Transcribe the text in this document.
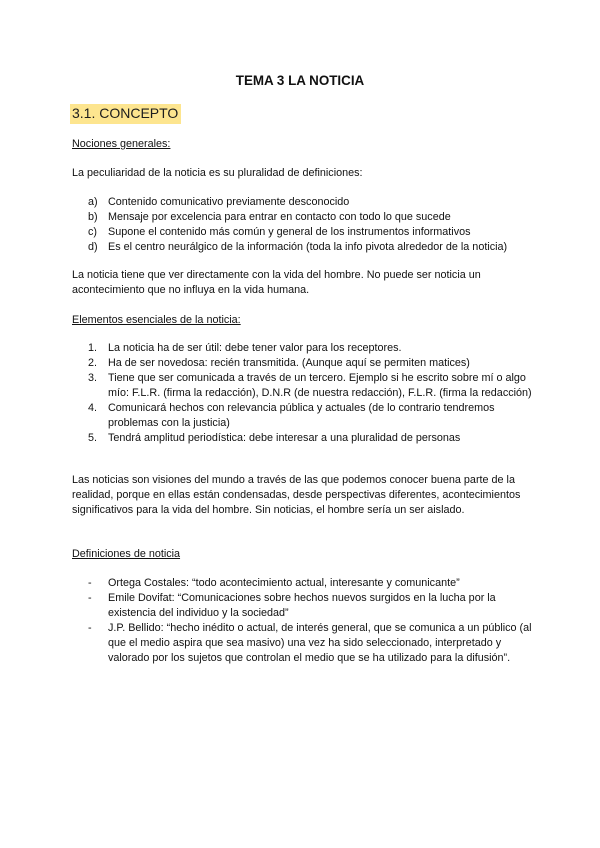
TEMA 3 LA NOTICIA
3.1. CONCEPTO
Nociones generales:
La peculiaridad de la noticia es su pluralidad de definiciones:
a) Contenido comunicativo previamente desconocido
b) Mensaje por excelencia para entrar en contacto con todo lo que sucede
c) Supone el contenido más común y general de los instrumentos informativos
d) Es el centro neurálgico de la información (toda la info pivota alrededor de la noticia)
La noticia tiene que ver directamente con la vida del hombre. No puede ser noticia un acontecimiento que no influya en la vida humana.
Elementos esenciales de la noticia:
1. La noticia ha de ser útil: debe tener valor para los receptores.
2. Ha de ser novedosa: recién transmitida. (Aunque aquí se permiten matices)
3. Tiene que ser comunicada a través de un tercero. Ejemplo si he escrito sobre mí o algo mío: F.L.R. (firma la redacción), D.N.R (de nuestra redacción), F.L.R. (firma la redacción)
4. Comunicará hechos con relevancia pública y actuales (de lo contrario tendremos problemas con la justicia)
5. Tendrá amplitud periodística: debe interesar a una pluralidad de personas
Las noticias son visiones del mundo a través de las que podemos conocer buena parte de la realidad, porque en ellas están condensadas, desde perspectivas diferentes, acontecimientos significativos para la vida del hombre. Sin noticias, el hombre sería un ser aislado.
Definiciones de noticia
- Ortega Costales: “todo acontecimiento actual, interesante y comunicante”
- Emile Dovifat: “Comunicaciones sobre hechos nuevos surgidos en la lucha por la existencia del individuo y la sociedad”
- J.P. Bellido: “hecho inédito o actual, de interés general, que se comunica a un público (al que el medio aspira que sea masivo) una vez ha sido seleccionado, interpretado y valorado por los sujetos que controlan el medio que se ha utilizado para la difusión”.
